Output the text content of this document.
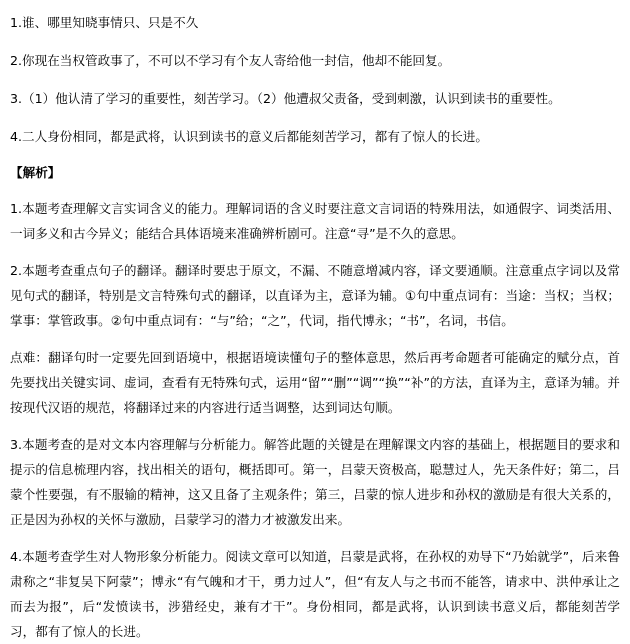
1.谁、哪里知晓事情只、只是不久

2.你现在当权管政事了，不可以不学习有个友人寄给他一封信，他却不能回复。

3.（1）他认清了学习的重要性，刻苦学习。（2）他遭叔父责备，受到刺激，认识到读书的重要性。

4.二人身份相同，都是武将，认识到读书的意义后都能刻苦学习，都有了惊人的长进。

【解析】

1.本题考查理解文言实词含义的能力。理解词语的含义时要注意文言词语的特殊用法，如通假字、词类活用、一词多义和古今异义；能结合具体语境来准确辨析剧可。注意“寻”是不久的意思。

2.本题考查重点句子的翻译。翻译时要忠于原文，不漏、不随意增减内容，译文要通顺。注意重点字词以及常见句式的翻译，特别是文言特殊句式的翻译，以直译为主，意译为辅。①句中重点词有：当途：当权；当权；掌事：掌管政事。②句中重点词有：“与”给；“之”，代词，指代博永；“书”，名词，书信。

点难：翻译句时一定要先回到语境中，根据语境读懂句子的整体意思，然后再考命题者可能确定的赋分点，首先要找出关键实词、虚词，查看有无特殊句式，运用“留”“删”“调”“换”“补”的方法，直译为主，意译为辅。并按现代汉语的规范，将翻译过来的内容进行适当调整，达到词达句顺。

3.本题考查的是对文本内容理解与分析能力。解答此题的关键是在理解课文内容的基础上，根据题目的要求和提示的信息梳理内容，找出相关的语句，概括即可。第一，吕蒙天资极高，聪慧过人，先天条件好；第二，吕蒙个性要强，有不服输的精神，这又且备了主观条件；第三，吕蒙的惊人进步和孙权的激励是有很大关系的，正是因为孙权的关怀与激励，吕蒙学习的潜力才被激发出来。

4.本题考查学生对人物形象分析能力。阅读文章可以知道，吕蒙是武将，在孙权的劝导下“乃始就学”，后来鲁肃称之“非复吴下阿蒙”；博永“有气魄和才干，勇力过人”，但“有友人与之书而不能答，请求中、洪仲承让之而去为报”，后“发愤读书，涉猎经史，兼有才干”。身份相同，都是武将，认识到读书意义后，都能刻苦学习，都有了惊人的长进。
